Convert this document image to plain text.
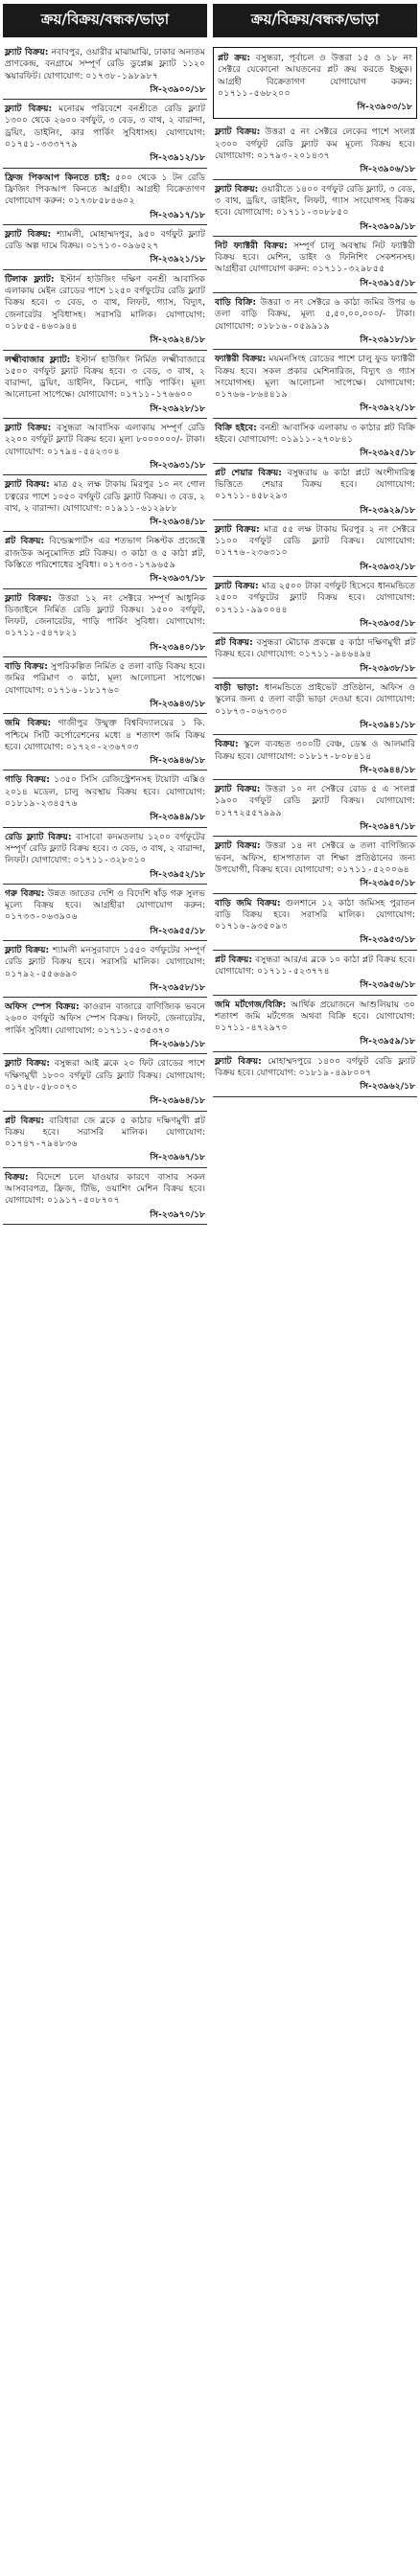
ক্রয়/বিক্রয়/বন্ধক/ভাড়া
ফ্ল্যাট বিক্রয়: নবাবপুর, ওয়ারীর মাঝামাঝি, ঢাকার অন্যতম প্রাণকেন্দ্র, বনগ্রামে সম্পূর্ণ রেডি ডুপ্লেক্স ফ্ল্যাট ১১২০ স্কয়ারফিট। যোগাযোগ: ০১৭৩৮-১৯৮৯৮৭
সি-২৩৯০০/১৮
ফ্ল্যাট বিক্রয়: মনোরম পরিবেশে বনশ্রীতে রেডি ফ্ল্যাট ১৩০০ থেকে ২৬০০ বর্গফুট, ৩ বেড, ৩ বাথ, ২ বারান্দা, ড্রয়িং, ডাইনিং, কার পার্কিং সুবিধাসহ। যোগাযোগ: ০১৭৫১-৩৩৩৭৭৯
সি-২৩৯১২/১৮
ফ্রিজ পিকআপ কিনতে চাই: ৫০০ থেকে ১ টন রেডি ফ্রিজিং পিকআপ কিনতে আগ্রহী। আগ্রহী বিক্রেতাগণ যোগাযোগ করুন: ০১৭৩৮৫৮৪৬০২
সি-২৩৯১৭/১৮
ফ্ল্যাট বিক্রয়: শ্যামলী, মোহাম্মদপুর, ৯৫০ বর্গফুট ফ্ল্যাট রেডি অল্প দামে বিক্রয়। ০১৭১৩-০৯৬৫২৭
সি-২৩৯২১/১৮
টিলাক ফ্ল্যাট: ইস্টার্ন হাউজিং দক্ষিণ বনশ্রী আবাসিক এলাকায় মেইন রোডের পাশে ১২৫০ বর্গফুটের রেডি ফ্ল্যাট বিক্রয় হবে। ৩ বেড, ৩ বাথ, লিফট, গ্যাস, বিদ্যুৎ, জেনারেটর সুবিধাসহ। সরাসরি মালিক। যোগাযোগ: ০১৮৫৫-৪৬০৯৪৪
সি-২৩৯২৪/১৮
লক্ষ্মীবাজার ফ্ল্যাট: ইস্টার্ন হাউজিং নির্মিত লক্ষ্মীবাজারে ১৫০০ বর্গফুট ফ্ল্যাট বিক্রয় হবে। ৩ বেড, ৩ বাথ, ২ বারান্দা, ড্রয়িং, ডাইনিং, কিচেন, গাড়ি পার্কিং। মূল্য আলোচনা সাপেক্ষে। যোগাযোগ: ০১৭১১-১৭৬৬০০
সি-২৩৯২৮/১৮
ফ্ল্যাট বিক্রয়: বসুন্ধরা আবাসিক এলাকায় সম্পূর্ণ রেডি ২২০০ বর্গফুট ফ্ল্যাট বিক্রয় হবে। মূল্য ৮০০০০০০/- টাকা। যোগাযোগ: ০১৭৯৪-৫৪২৩০৪
সি-২৩৯৩১/১৮
ফ্ল্যাট বিক্রয়: মাত্র ৫২ লক্ষ টাকায় মিরপুর ১০ নং গোল চত্বরের পাশে ১০৫০ বর্গফুট রেডি ফ্ল্যাট বিক্রয়। ৩ বেড, ২ বাথ, ২ বারান্দা। যোগাযোগ: ০১৯১১-৬১২৯৮৮
সি-২৩৯৩৪/১৮
প্লট বিক্রয়: বিল্ডেক্সপার্টস এর শতভাগ নিষ্কণ্টক প্রজেক্টে রাজউক অনুমোদিত প্লট বিক্রয়। ৩ কাঠা ও ৫ কাঠা প্লট, কিস্তিতে পরিশোধের সুবিধা। ০১৭৩৩-১৭৯৬৫৯
সি-২৩৯৩৭/১৮
ফ্ল্যাট বিক্রয়: উত্তরা ১২ নং সেক্টরে সম্পূর্ণ আধুনিক ডিজাইনে নির্মিত রেডি ফ্ল্যাট বিক্রয়। ১৫০০ বর্গফুট, লিফট, জেনারেটর, গাড়ি পার্কিং সুবিধা। যোগাযোগ: ০১৭১১-৫৪৭৮২১
সি-২৩৯৪০/১৮
বাড়ি বিক্রয়: সুপরিকল্পিত নির্মিত ৫ তলা বাড়ি বিক্রয় হবে। জমির পরিমাণ ৩ কাঠা, মূল্য আলোচনা সাপেক্ষে। যোগাযোগ: ০১৭১৬-১৮১৭৬০
সি-২৩৯৪৩/১৮
জমি বিক্রয়: গাজীপুর উন্মুক্ত বিশ্ববিদ্যালয়ের ১ কি. পশ্চিমে সিটি কর্পোরেশনের মধ্যে ৪ শতাংশ জমি বিক্রয় হবে। যোগাযোগ: ০১৭২০-২৩৬৭০৩
সি-২৩৯৪৬/১৮
গাড়ি বিক্রয়: ১৩৫০ সিসি রেজিস্ট্রেশনসহ টয়োটা এক্সিও ২০১৪ মডেল, চালু অবস্থায় বিক্রয় হবে। যোগাযোগ: ০১৮১৯-২৩৪৫৭৬
সি-২৩৯৪৯/১৮
রেডি ফ্ল্যাট বিক্রয়: বাসাবো কদমতলায় ১২০০ বর্গফুটের সম্পূর্ণ রেডি ফ্ল্যাট বিক্রয় হবে। ৩ বেড, ৩ বাথ, ২ বারান্দা, লিফট। যোগাযোগ: ০১৭১১-৩২৮০১০
সি-২৩৯৫২/১৮
গরু বিক্রয়: উন্নত জাতের দেশি ও বিদেশি ষাঁড় গরু সুলভ মূল্যে বিক্রয় হবে। আগ্রহীরা যোগাযোগ করুন: ০১৭৩৩-০৬৩৯০৬
সি-২৩৯৫৫/১৮
ফ্ল্যাট বিক্রয়: শ্যামলী মনসুরাবাদে ১৫৫০ বর্গফুটের সম্পূর্ণ রেডি ফ্ল্যাট বিক্রয় হবে। সরাসরি মালিক। যোগাযোগ: ০১৭৯২-৫৫৬৬৯০
সি-২৩৯৫৮/১৮
অফিস স্পেস বিক্রয়: কাওরান বাজারে বাণিজ্যিক ভবনে ২৬০০ বর্গফুট অফিস স্পেস বিক্রয়। লিফট, জেনারেটর, পার্কিং সুবিধা। যোগাযোগ: ০১৭১১-৫৩৫৩৭০
সি-২৩৯৬১/১৮
ফ্ল্যাট বিক্রয়: বসুন্ধরা আই ব্লকে ২০ ফিট রোডের পাশে দক্ষিণমুখী ১৮০০ বর্গফুট রেডি ফ্ল্যাট বিক্রয়। যোগাযোগ: ০১৭৫৮-৫৮০০৭০
সি-২৩৯৬৪/১৮
প্লট বিক্রয়: বারিধারা জে ব্লকে ৫ কাঠার দক্ষিণমুখী প্লট বিক্রয় হবে। সরাসরি মালিক। যোগাযোগ: ০১৭৪৭-৭৯৪৮৩৬
সি-২৩৯৬৭/১৮
বিক্রয়: বিদেশে চলে যাওয়ার কারণে বাসার সকল আসবাবপত্র, ফ্রিজ, টিভি, ওয়াশিং মেশিন বিক্রয় হবে। যোগাযোগ: ০১৯১৭-৫০৮৭০৭
সি-২৩৯৭০/১৮
ক্রয়/বিক্রয়/বন্ধক/ভাড়া
প্লট ক্রয়: বসুন্ধরা, পূর্বাচল ও উত্তরা ১৫ ও ১৮ নং সেক্টরে যেকোনো আয়তনের প্লট ক্রয় করতে ইচ্ছুক। আগ্রহী বিক্রেতাগণ যোগাযোগ করুন: ০১৭১১-৫৬৮২০০
সি-২৩৯০৩/১৮
ফ্ল্যাট বিক্রয়: উত্তরা ৫ নং সেক্টরে লেকের পাশে সংলগ্ন ২৩০০ বর্গফুট রেডি ফ্ল্যাট কম মূল্যে বিক্রয় হবে। যোগাযোগ: ০১৭৯৩-২০১৪৩৭
সি-২৩৯০৬/১৮
ফ্ল্যাট বিক্রয়: ওয়ারীতে ১৪০০ বর্গফুট রেডি ফ্ল্যাট, ৩ বেড, ৩ বাথ, ড্রয়িং, ডাইনিং, লিফট, গ্যাস সংযোগসহ বিক্রয় হবে। যোগাযোগ: ০১৭১১-৩০৮৮৫০
সি-২৩৯০৯/১৮
নিট ফ্যাক্টরী বিক্রয়: সম্পূর্ণ চালু অবস্থায় নিট ফ্যাক্টরী বিক্রয় হবে। মেশিন, ডাইং ও ফিনিশিং সেকশনসহ। আগ্রহীরা যোগাযোগ করুন: ০১৭১১-৩২৯৮৫৫
সি-২৩৯১৫/১৮
বাড়ি বিক্রি: উত্তরা ৩ নং সেক্টরে ৬ কাঠা জমির উপর ৬ তলা বাড়ি বিক্রয়, মূল্য ৫,৫০,০০,০০০/- টাকা। যোগাযোগ: ০১৮১৬-০৫৯৯১৯
সি-২৩৯১৮/১৮
ফ্যাক্টরী বিক্রয়: ময়মনসিংহ রোডের পাশে চালু ফুড ফ্যাক্টরী বিক্রয় হবে। সকল প্রকার মেশিনারিজ, বিদ্যুৎ ও গ্যাস সংযোগসহ। মূল্য আলোচনা সাপেক্ষে। যোগাযোগ: ০১৭৬৬-৮৬৪৪১৯
সি-২৩৯২২/১৮
বিক্রি হইবে: বনশ্রী আবাসিক এলাকায় ৩ কাঠার প্লট বিক্রি হইবে। যোগাযোগ: ০১৯১১-২৭০৮৪১
সি-২৩৯২৫/১৮
প্লট শেয়ার বিক্রয়: বসুন্ধরায় ৬ কাঠা প্লটে অংশীদারিত্ব ভিত্তিতে শেয়ার বিক্রয় হবে। যোগাযোগ: ০১৭১১-৪৫৮২৯৩
সি-২৩৯২৯/১৮
ফ্ল্যাট বিক্রয়: মাত্র ৫৫ লক্ষ টাকায় মিরপুর ২ নং সেক্টরে ১১০০ বর্গফুট রেডি ফ্ল্যাট বিক্রয়। যোগাযোগ: ০১৭৭৬-২৩৬৩১০
সি-২৩৯৩২/১৮
ফ্ল্যাট বিক্রয়: মাত্র ২৫০০ টাকা বর্গফুট হিসেবে ধানমন্ডিতে ২৫০০ বর্গফুটের ফ্ল্যাট বিক্রয় হবে। যোগাযোগ: ০১৭১১-৯৯০০৪৪
সি-২৩৯৩৫/১৮
প্লট বিক্রয়: বসুন্ধরা মৌচাক প্রকল্পে ৫ কাঠা দক্ষিণমুখী প্লট বিক্রয় হবে। যোগাযোগ: ০১৭১১-৯৪৬৪৯৪
সি-২৩৯৩৮/১৮
বাড়ী ভাড়া: ধানমন্ডিতে প্রাইভেট প্রতিষ্ঠান, অফিস ও স্কুলের জন্য ৫ তলা বাড়ী ভাড়া দেওয়া হবে। যোগাযোগ: ০১৮৭৩-০৬৭৩৩০
সি-২৩৯৪১/১৮
বিক্রয়: স্কুলে ব্যবহৃত ৩০০টি বেঞ্চ, ডেস্ক ও আলমারি বিক্রয় হবে। যোগাযোগ: ০১৮১৭-৮০৮৪১৪
সি-২৩৯৪৪/১৮
ফ্ল্যাট বিক্রয়: উত্তরা ১০ নং সেক্টরে রোড ৫ এ সংলগ্ন ১৯০০ বর্গফুট রেডি ফ্ল্যাট বিক্রয়। যোগাযোগ: ০১৭৭২৫৫৭৯৯৯
সি-২৩৯৪৭/১৮
ফ্ল্যাট বিক্রয়: উত্তরা ১৪ নং সেক্টরে ৬ তলা বাণিজ্যিক ভবন, অফিস, হাসপাতাল বা শিক্ষা প্রতিষ্ঠানের জন্য উপযোগী, বিক্রয় হবে। যোগাযোগ: ০১৭১১-৫২০০৬৪
সি-২৩৯৫০/১৮
বাড়ি জমি বিক্রয়: গুলশানে ১২ কাঠা জমিসহ পুরাতন বাড়ি বিক্রয় হবে। সরাসরি মালিক। যোগাযোগ: ০১৭১৬-৯৩৫০৯৩
সি-২৩৯৫৩/১৮
প্লট বিক্রয়: বসুন্ধরা আর/এ ব্লকে ১০ কাঠা প্লট বিক্রয় হবে। যোগাযোগ: ০১৭১১-৫২৩৭৭৪
সি-২৩৯৫৬/১৮
জমি মর্টগেজ/বিক্রি: আর্থিক প্রয়োজনে আশুলিয়ায় ৩০ শতাংশ জমি মর্টগেজ অথবা বিক্রি হবে। যোগাযোগ: ০১৭১১-৪৭২৯৭০
সি-২৩৯৫৯/১৮
ফ্ল্যাট বিক্রয়: মোহাম্মদপুরে ১৪০০ বর্গফুট রেডি ফ্ল্যাট বিক্রয় হবে। যোগাযোগ: ০১৮১৯-৪৯৮০০৭
সি-২৩৯৬২/১৮
